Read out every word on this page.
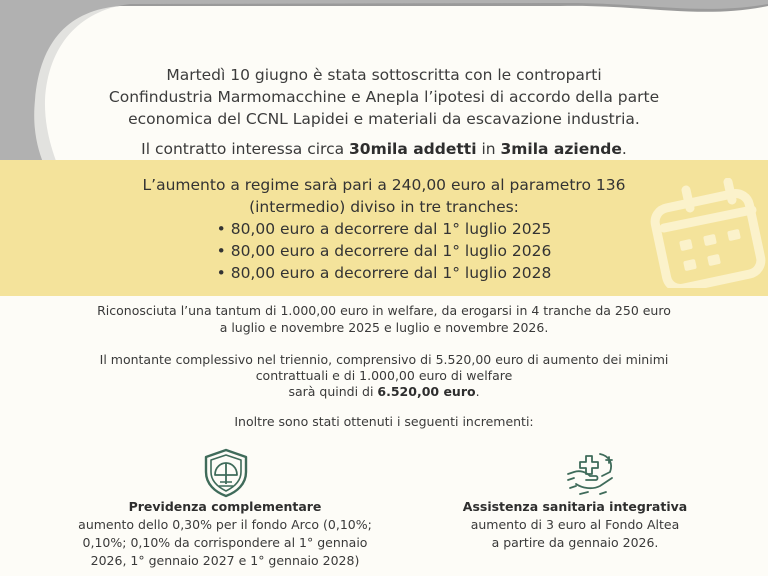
Martedì 10 giugno è stata sottoscritta con le controparti
Confindustria Marmomacchine e Anepla l’ipotesi di accordo della parte
economica del CCNL Lapidei e materiali da escavazione industria.
Il contratto interessa circa 30mila addetti in 3mila aziende.
L’aumento a regime sarà pari a 240,00 euro al parametro 136
(intermedio) diviso in tre tranches:
• 80,00 euro a decorrere dal 1° luglio 2025
• 80,00 euro a decorrere dal 1° luglio 2026
• 80,00 euro a decorrere dal 1° luglio 2028
Riconosciuta l’una tantum di 1.000,00 euro in welfare, da erogarsi in 4 tranche da 250 euro
a luglio e novembre 2025 e luglio e novembre 2026.
Il montante complessivo nel triennio, comprensivo di 5.520,00 euro di aumento dei minimi
contrattuali e di 1.000,00 euro di welfare
sarà quindi di 6.520,00 euro.
Inoltre sono stati ottenuti i seguenti incrementi:
Previdenza complementare
aumento dello 0,30% per il fondo Arco (0,10%;
0,10%; 0,10% da corrispondere al 1° gennaio
2026, 1° gennaio 2027 e 1° gennaio 2028)
Assistenza sanitaria integrativa
aumento di 3 euro al Fondo Altea
a partire da gennaio 2026.
